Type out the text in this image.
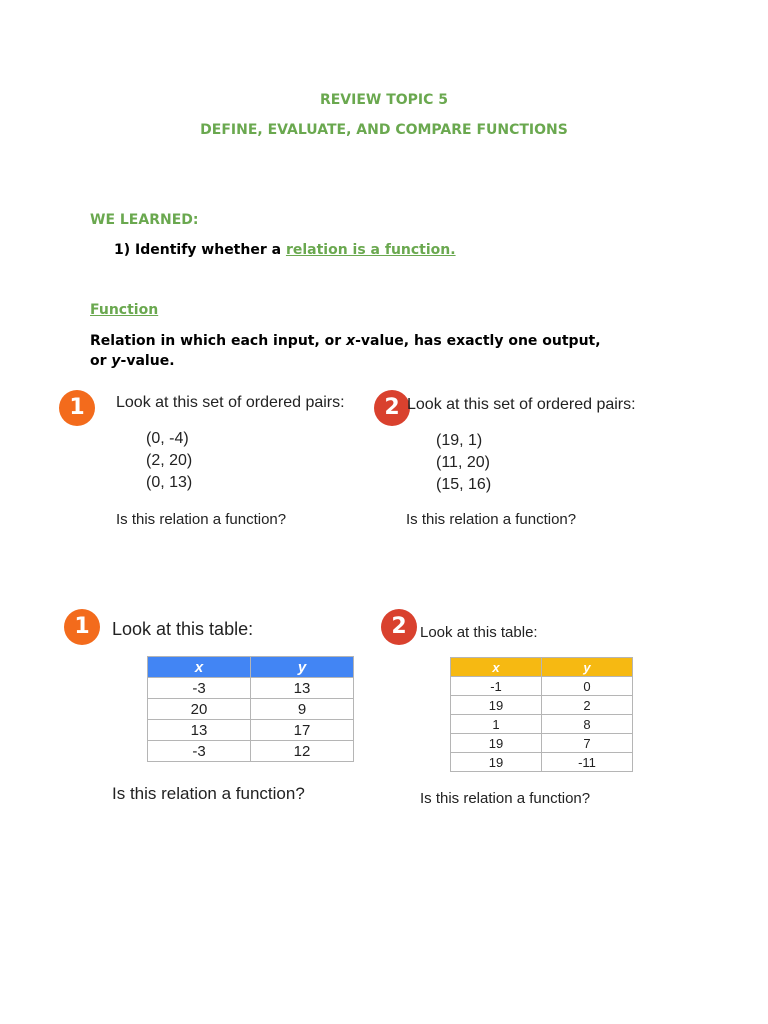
REVIEW TOPIC 5
DEFINE, EVALUATE, AND COMPARE FUNCTIONS
WE LEARNED:
1) Identify whether a relation is a function.
Function
Relation in which each input, or x-value, has exactly one output,
or y-value.
1	Look at this set of ordered pairs:
(0, -4)
(2, 20)
(0, 13)
Is this relation a function?
2 Look at this set of ordered pairs:
(19, 1)
(11, 20)
(15, 16)
Is this relation a function?
1	Look at this table:
x	y
-3	13
20	9
13	17
-3	12
Is this relation a function?
2 Look at this table:
x	y
-1	0
19	2
1	8
19	7
19	-11
Is this relation a function?
